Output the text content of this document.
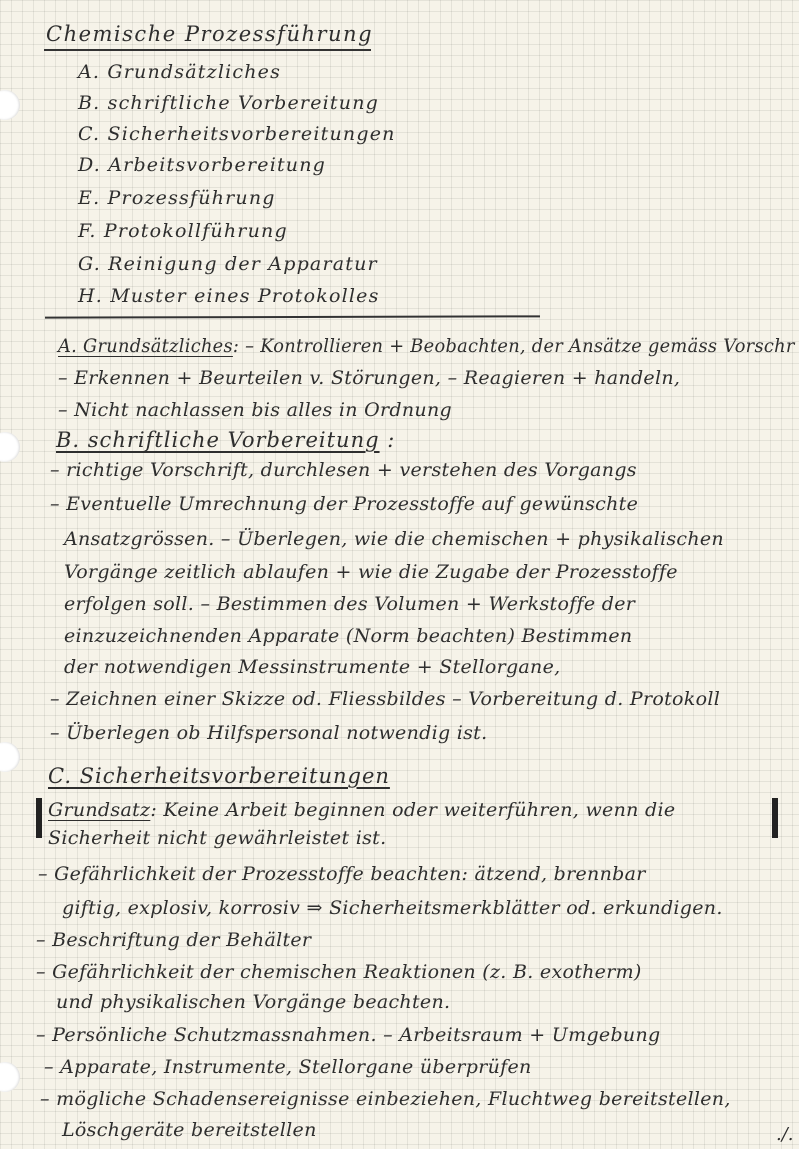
Chemische Prozessführung
A. Grundsätzliches
B. schriftliche Vorbereitung
C. Sicherheitsvorbereitungen
D. Arbeitsvorbereitung
E. Prozessführung
F. Protokollführung
G. Reinigung der Apparatur
H. Muster eines Protokolles
A. Grundsätzliches: – Kontrollieren + Beobachten, der Ansätze gemäss Vorschr
– Erkennen + Beurteilen v. Störungen, – Reagieren + handeln,
– Nicht nachlassen bis alles in Ordnung
B. schriftliche Vorbereitung :
– richtige Vorschrift, durchlesen + verstehen des Vorgangs
– Eventuelle Umrechnung der Prozesstoffe auf gewünschte
Ansatzgrössen. – Überlegen, wie die chemischen + physikalischen
Vorgänge zeitlich ablaufen + wie die Zugabe der Prozesstoffe
erfolgen soll. – Bestimmen des Volumen + Werkstoffe der
einzuzeichnenden Apparate (Norm beachten) Bestimmen
der notwendigen Messinstrumente + Stellorgane,
– Zeichnen einer Skizze od. Fliessbildes – Vorbereitung d. Protokoll
– Überlegen ob Hilfspersonal notwendig ist.
C. Sicherheitsvorbereitungen
Grundsatz: Keine Arbeit beginnen oder weiterführen, wenn die
Sicherheit nicht gewährleistet ist.
– Gefährlichkeit der Prozesstoffe beachten: ätzend, brennbar
giftig, explosiv, korrosiv ⇒ Sicherheitsmerkblätter od. erkundigen.
– Beschriftung der Behälter
– Gefährlichkeit der chemischen Reaktionen (z. B. exotherm)
und physikalischen Vorgänge beachten.
– Persönliche Schutzmassnahmen. – Arbeitsraum + Umgebung
– Apparate, Instrumente, Stellorgane überprüfen
– mögliche Schadensereignisse einbeziehen, Fluchtweg bereitstellen,
Löschgeräte bereitstellen	./.
